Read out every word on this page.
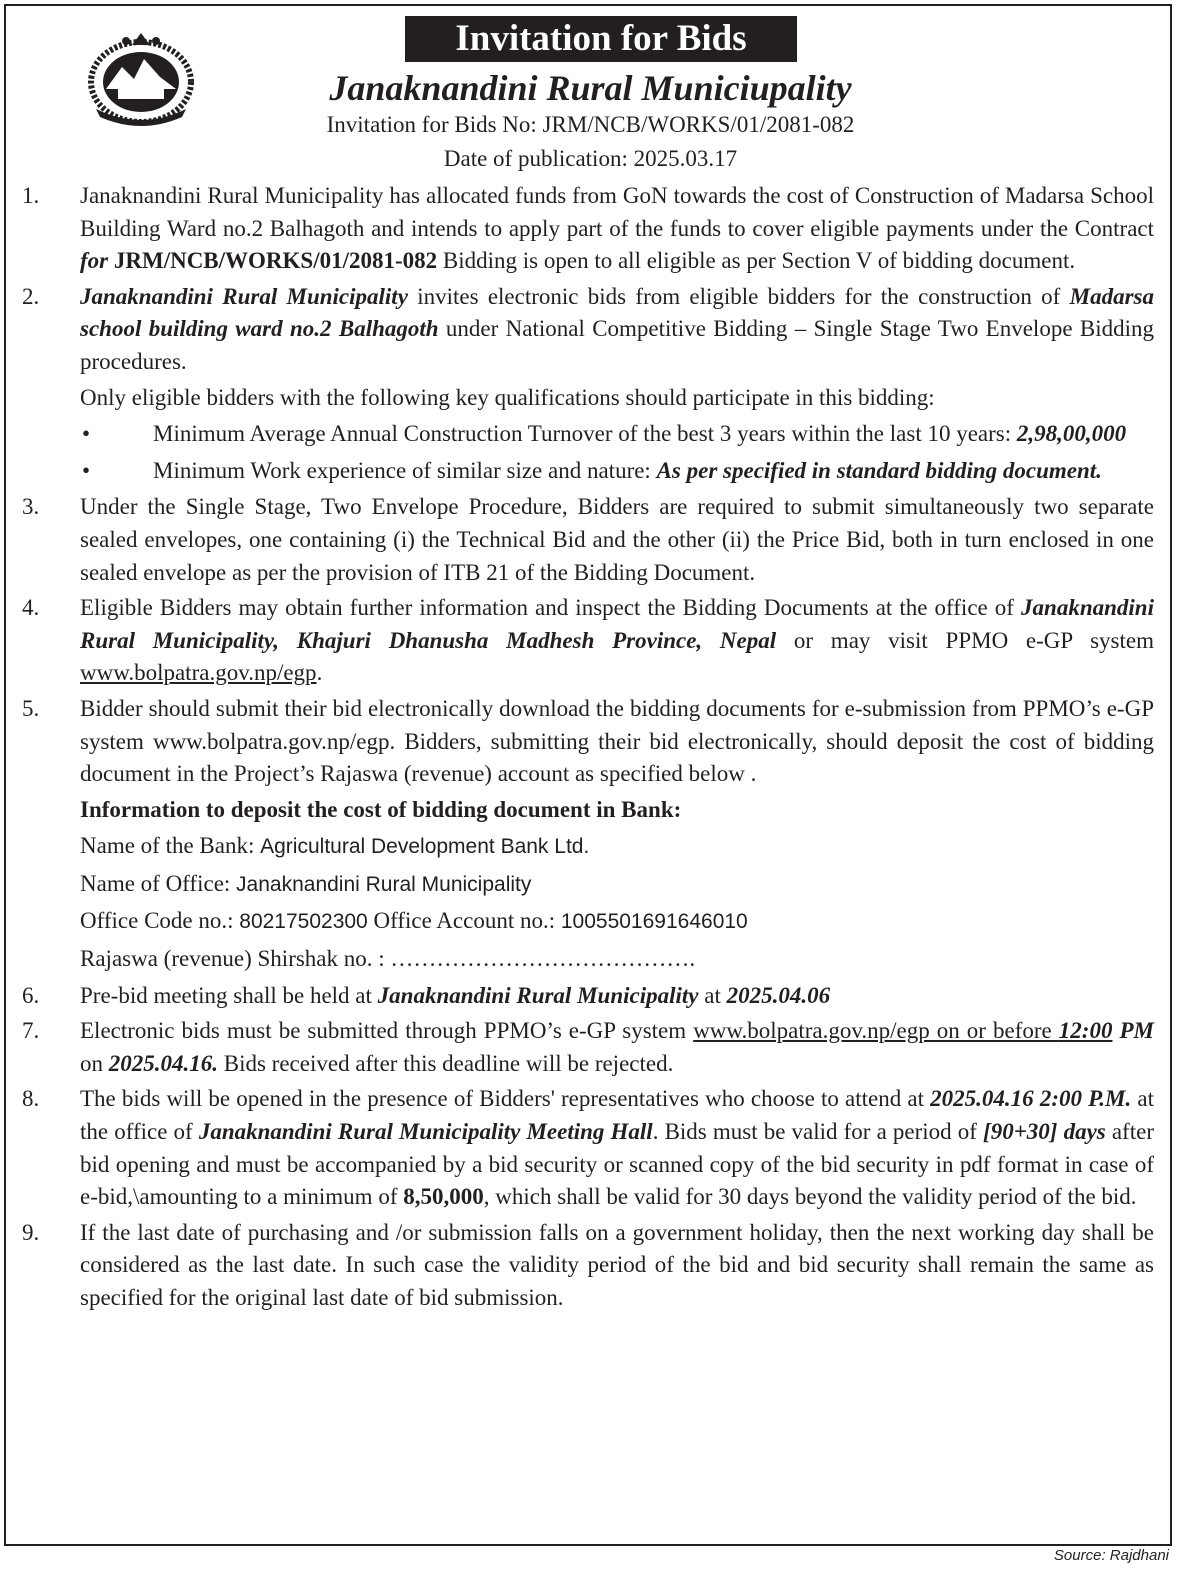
Invitation for Bids
Janaknandini Rural Municiupality
Invitation for Bids No: JRM/NCB/WORKS/01/2081-082
Date of publication: 2025.03.17
1. Janaknandini Rural Municipality has allocated funds from GoN towards the cost of Construction of Madarsa School Building Ward no.2 Balhagoth and intends to apply part of the funds to cover eligible payments under the Contract for JRM/NCB/WORKS/01/2081-082 Bidding is open to all eligible as per Section V of bidding document.
2. Janaknandini Rural Municipality invites electronic bids from eligible bidders for the construction of Madarsa school building ward no.2 Balhagoth under National Competitive Bidding – Single Stage Two Envelope Bidding procedures.
Only eligible bidders with the following key qualifications should participate in this bidding:
•	Minimum Average Annual Construction Turnover of the best 3 years within the last 10 years: 2,98,00,000
•	Minimum Work experience of similar size and nature: As per specified in standard bidding document.
3. Under the Single Stage, Two Envelope Procedure, Bidders are required to submit simultaneously two separate sealed envelopes, one containing (i) the Technical Bid and the other (ii) the Price Bid, both in turn enclosed in one sealed envelope as per the provision of ITB 21 of the Bidding Document.
4. Eligible Bidders may obtain further information and inspect the Bidding Documents at the office of Janaknandini Rural Municipality, Khajuri Dhanusha Madhesh Province, Nepal or may visit PPMO e-GP system www.bolpatra.gov.np/egp.
5. Bidder should submit their bid electronically download the bidding documents for e-submission from PPMO’s e-GP system www.bolpatra.gov.np/egp. Bidders, submitting their bid electronically, should deposit the cost of bidding document in the Project’s Rajaswa (revenue) account as specified below .
Information to deposit the cost of bidding document in Bank:
Name of the Bank: Agricultural Development Bank Ltd.
Name of Office: Janaknandini Rural Municipality
Office Code no.: 80217502300 Office Account no.: 1005501691646010
Rajaswa (revenue) Shirshak no. : ………………………………….
6. Pre-bid meeting shall be held at Janaknandini Rural Municipality at 2025.04.06
7. Electronic bids must be submitted through PPMO’s e-GP system www.bolpatra.gov.np/egp on or before 12:00 PM on 2025.04.16. Bids received after this deadline will be rejected.
8. The bids will be opened in the presence of Bidders' representatives who choose to attend at 2025.04.16 2:00 P.M. at the office of Janaknandini Rural Municipality Meeting Hall. Bids must be valid for a period of [90+30] days after bid opening and must be accompanied by a bid security or scanned copy of the bid security in pdf format in case of e-bid,\amounting to a minimum of 8,50,000, which shall be valid for 30 days beyond the validity period of the bid.
9. If the last date of purchasing and /or submission falls on a government holiday, then the next working day shall be considered as the last date. In such case the validity period of the bid and bid security shall remain the same as specified for the original last date of bid submission.
Source: Rajdhani
